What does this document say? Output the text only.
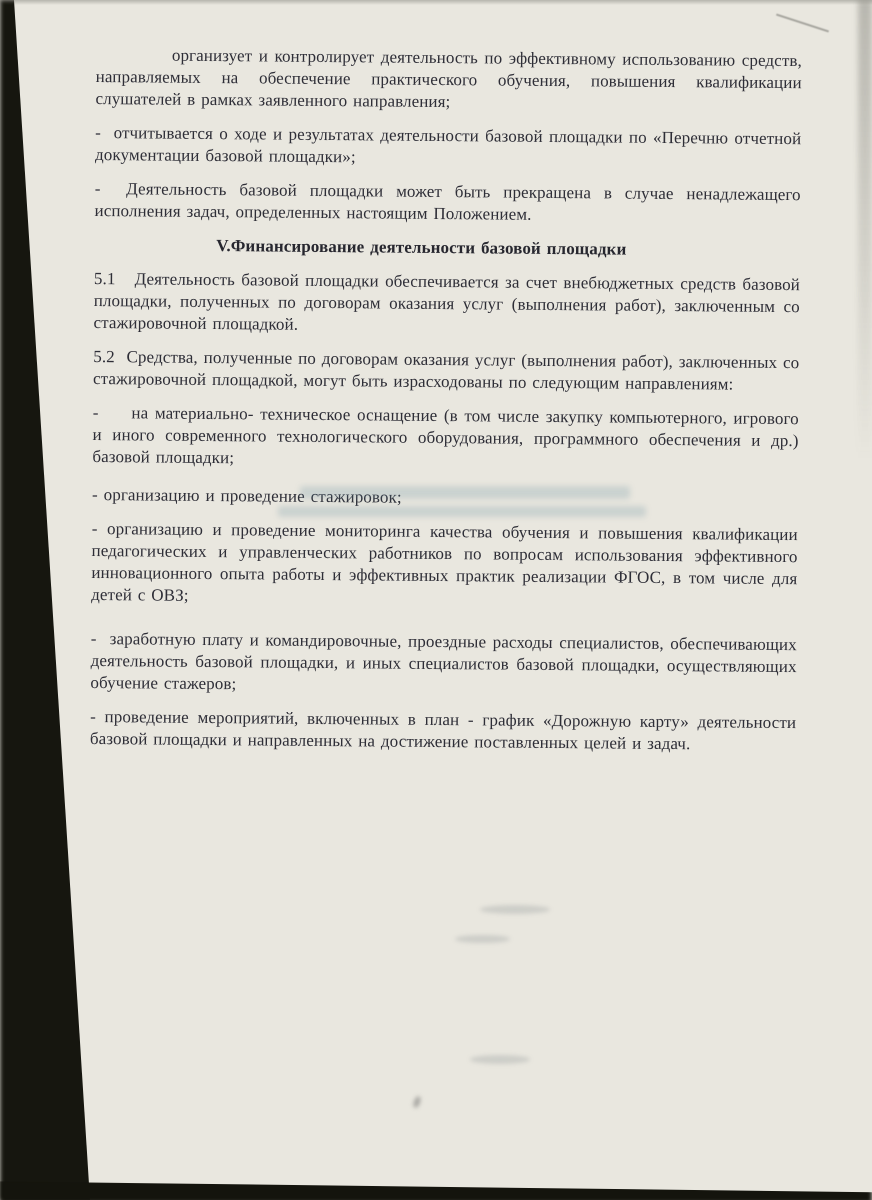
организует и контролирует деятельность по эффективному использованию средств, направляемых на обеспечение практического обучения, повышения квалификации слушателей в рамках заявленного направления;

-  отчитывается о ходе и результатах деятельности базовой площадки по «Перечню отчетной документации базовой площадки»;

-  Деятельность базовой площадки может быть прекращена в случае ненадлежащего исполнения задач, определенных настоящим Положением.

V.Финансирование деятельности базовой площадки

5.1   Деятельность базовой площадки обеспечивается за счет внебюджетных средств базовой площадки, полученных по договорам оказания услуг (выполнения работ), заключенным со стажировочной площадкой.

5.2  Средства, полученные по договорам оказания услуг (выполнения работ), заключенных со стажировочной площадкой, могут быть израсходованы по следующим направлениям:

-     на материально- техническое оснащение (в том числе закупку компьютерного, игрового и иного современного технологического оборудования, программного обеспечения и др.) базовой площадки;

- организацию и проведение стажировок;

- организацию и проведение мониторинга качества обучения и повышения квалификации педагогических и управленческих работников по вопросам использования эффективного инновационного опыта работы и эффективных практик реализации ФГОС, в том числе для детей с ОВЗ;

-  заработную плату и командировочные, проездные расходы специалистов, обеспечивающих деятельность базовой площадки, и иных специалистов базовой площадки, осуществляющих обучение стажеров;

- проведение мероприятий, включенных в план - график «Дорожную карту» деятельности базовой площадки и направленных на достижение поставленных целей и задач.
